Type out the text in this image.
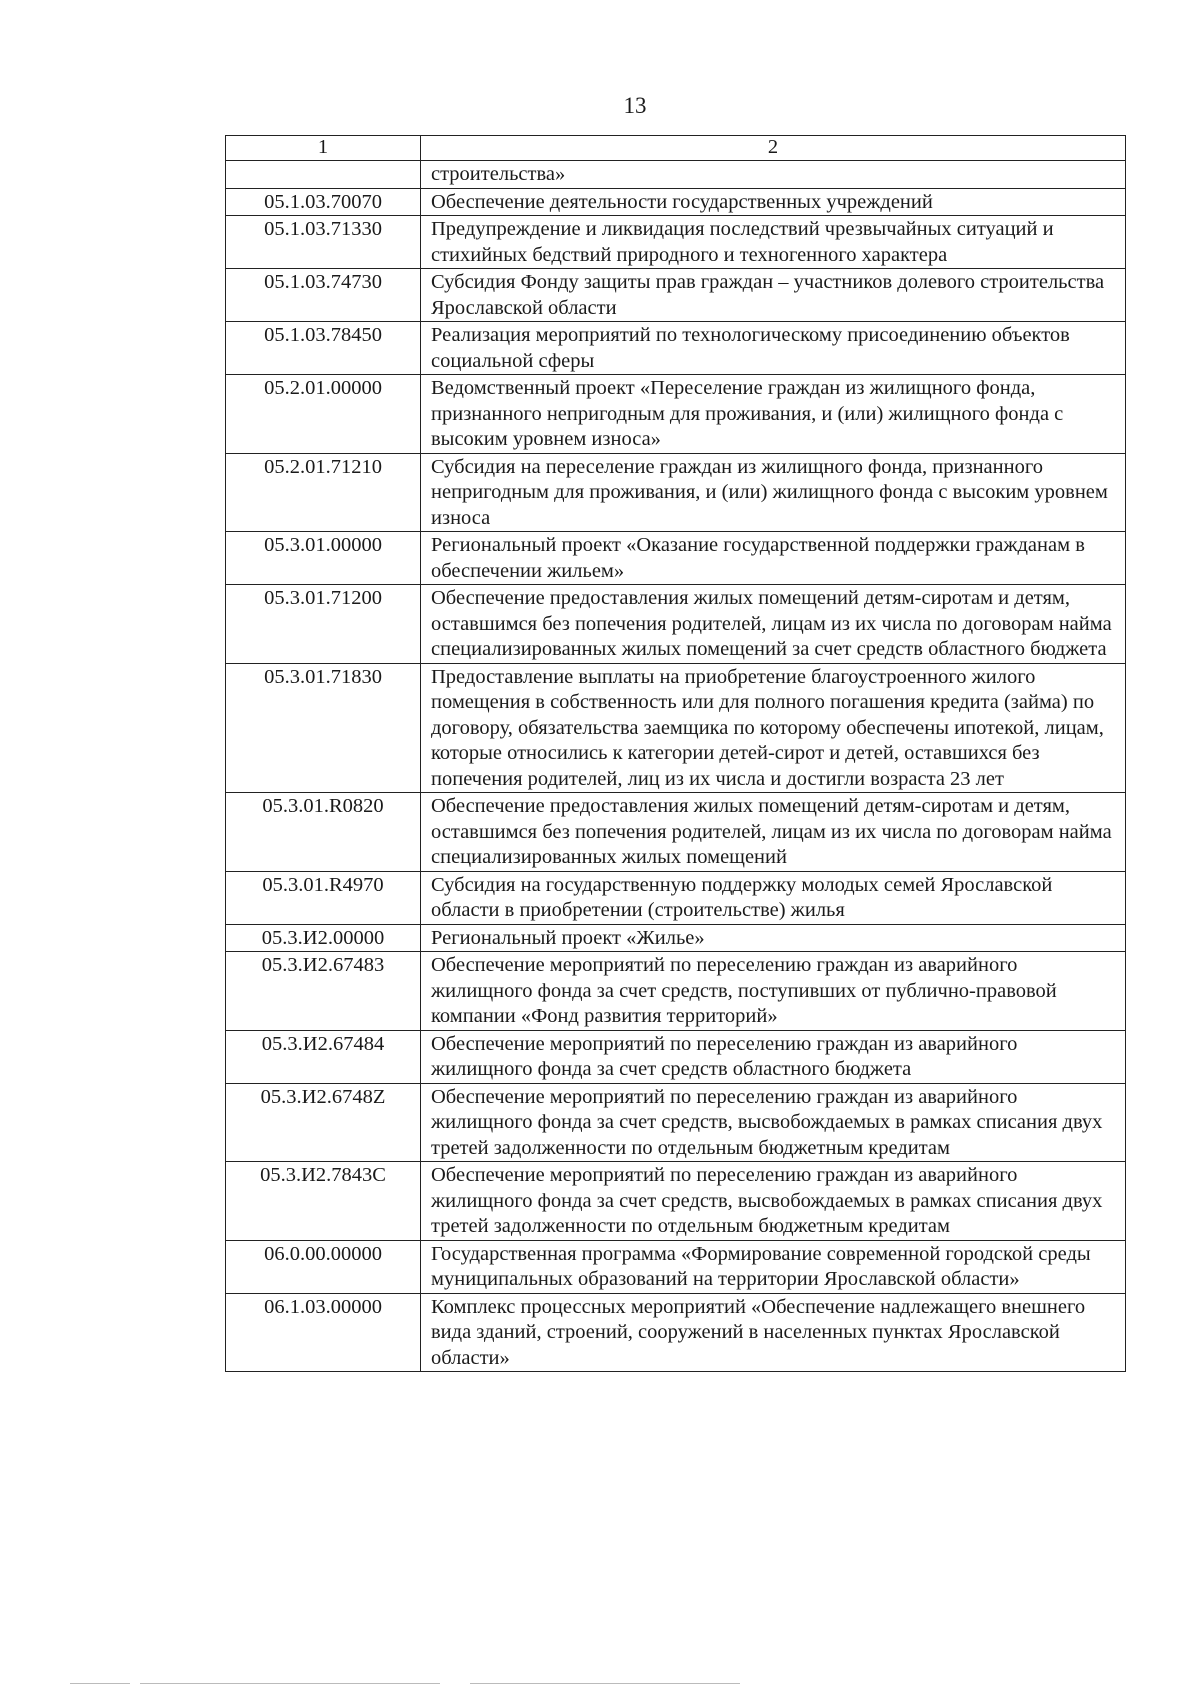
13
1	2
	строительства»
05.1.03.70070	Обеспечение деятельности государственных учреждений
05.1.03.71330	Предупреждение и ликвидация последствий чрезвычайных ситуаций и стихийных бедствий природного и техногенного характера
05.1.03.74730	Субсидия Фонду защиты прав граждан – участников долевого строительства Ярославской области
05.1.03.78450	Реализация мероприятий по технологическому присоединению объектов социальной сферы
05.2.01.00000	Ведомственный проект «Переселение граждан из жилищного фонда, признанного непригодным для проживания, и (или) жилищного фонда с высоким уровнем износа»
05.2.01.71210	Субсидия на переселение граждан из жилищного фонда, признанного непригодным для проживания, и (или) жилищного фонда с высоким уровнем износа
05.3.01.00000	Региональный проект «Оказание государственной поддержки гражданам в обеспечении жильем»
05.3.01.71200	Обеспечение предоставления жилых помещений детям-сиротам и детям, оставшимся без попечения родителей, лицам из их числа по договорам найма специализированных жилых помещений за счет средств областного бюджета
05.3.01.71830	Предоставление выплаты на приобретение благоустроенного жилого помещения в собственность или для полного погашения кредита (займа) по договору, обязательства заемщика по которому обеспечены ипотекой, лицам, которые относились к категории детей-сирот и детей, оставшихся без попечения родителей, лиц из их числа и достигли возраста 23 лет
05.3.01.R0820	Обеспечение предоставления жилых помещений детям-сиротам и детям, оставшимся без попечения родителей, лицам из их числа по договорам найма специализированных жилых помещений
05.3.01.R4970	Субсидия на государственную поддержку молодых семей Ярославской области в приобретении (строительстве) жилья
05.3.И2.00000	Региональный проект «Жилье»
05.3.И2.67483	Обеспечение мероприятий по переселению граждан из аварийного жилищного фонда за счет средств, поступивших от публично-правовой компании «Фонд развития территорий»
05.3.И2.67484	Обеспечение мероприятий по переселению граждан из аварийного жилищного фонда за счет средств областного бюджета
05.3.И2.6748Z	Обеспечение мероприятий по переселению граждан из аварийного жилищного фонда за счет средств, высвобождаемых в рамках списания двух третей задолженности по отдельным бюджетным кредитам
05.3.И2.7843С	Обеспечение мероприятий по переселению граждан из аварийного жилищного фонда за счет средств, высвобождаемых в рамках списания двух третей задолженности по отдельным бюджетным кредитам
06.0.00.00000	Государственная программа «Формирование современной городской среды муниципальных образований на территории Ярославской области»
06.1.03.00000	Комплекс процессных мероприятий «Обеспечение надлежащего внешнего вида зданий, строений, сооружений в населенных пунктах Ярославской области»
